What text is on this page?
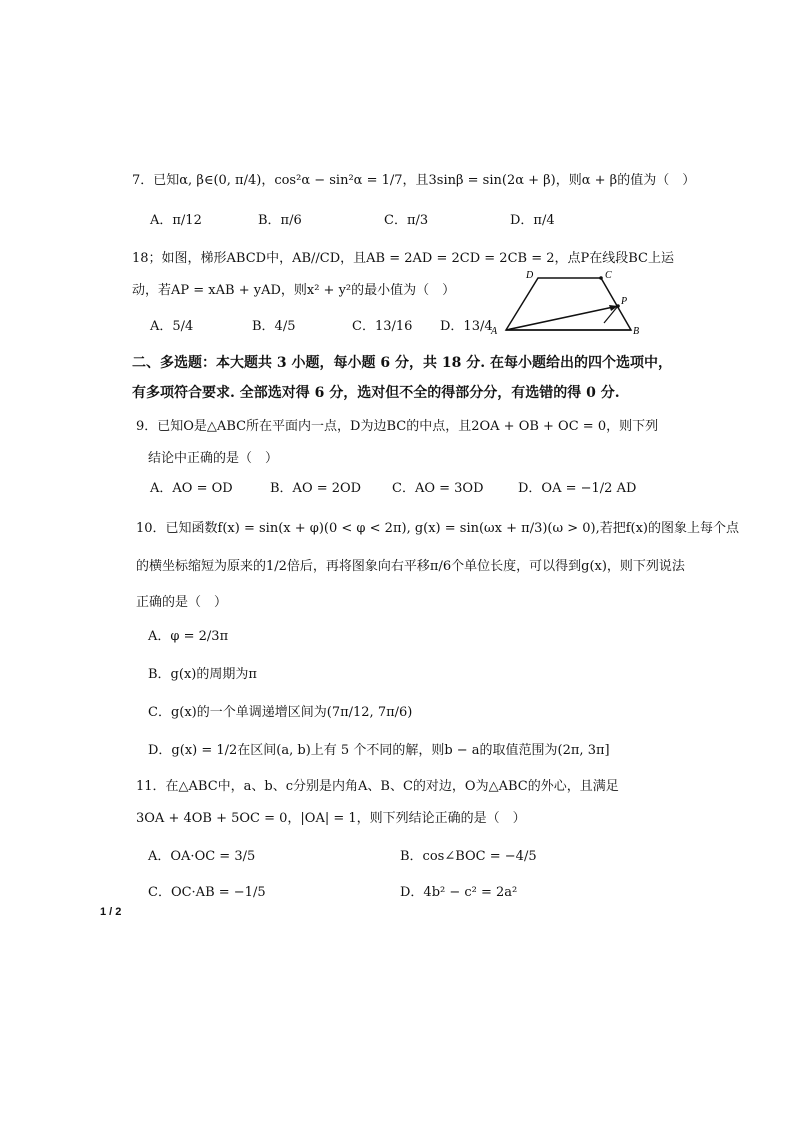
7．已知α, β∈(0, π/4)，cos²α − sin²α = 1/7，且3sinβ = sin(2α + β)，则α + β的值为（　）
A．π/12	B．π/6	C．π/3	D．π/4
18；如图，梯形ABCD中，AB//CD，且AB = 2AD = 2CD = 2CB = 2，点P在线段BC上运
动，若AP = xAB + yAD，则x² + y²的最小值为（　）
A．5/4	B．4/5	C．13/16 D．13/4
A	B
C
D
P
二、多选题：本大题共 3 小题，每小题 6 分，共 18 分. 在每小题给出的四个选项中，
有多项符合要求. 全部选对得 6 分，选对但不全的得部分分，有选错的得 0 分.
9．已知O是△ABC所在平面内一点，D为边BC的中点，且2OA + OB + OC = 0，则下列
结论中正确的是（　）
A．AO = OD	B．AO = 2OD C．AO = 3OD	D．OA = −1/2 AD
10．已知函数f(x) = sin(x + φ)(0 < φ < 2π), g(x) = sin(ωx + π/3)(ω > 0),若把f(x)的图象上每个点
的横坐标缩短为原来的1/2倍后，再将图象向右平移π/6个单位长度，可以得到g(x)，则下列说法
正确的是（　）
A．φ = 2/3π
B．g(x)的周期为π
C．g(x)的一个单调递增区间为(7π/12, 7π/6)
D．g(x) = 1/2在区间(a, b)上有 5 个不同的解，则b − a的取值范围为(2π, 3π]
11．在△ABC中，a、b、c分别是内角A、B、C的对边，O为△ABC的外心，且满足
3OA + 4OB + 5OC = 0，|OA| = 1，则下列结论正确的是（　）
A．OA·OC = 3/5	B．cos∠BOC = −4/5
C．OC·AB = −1/5	D．4b² − c² = 2a²
1 / 2
